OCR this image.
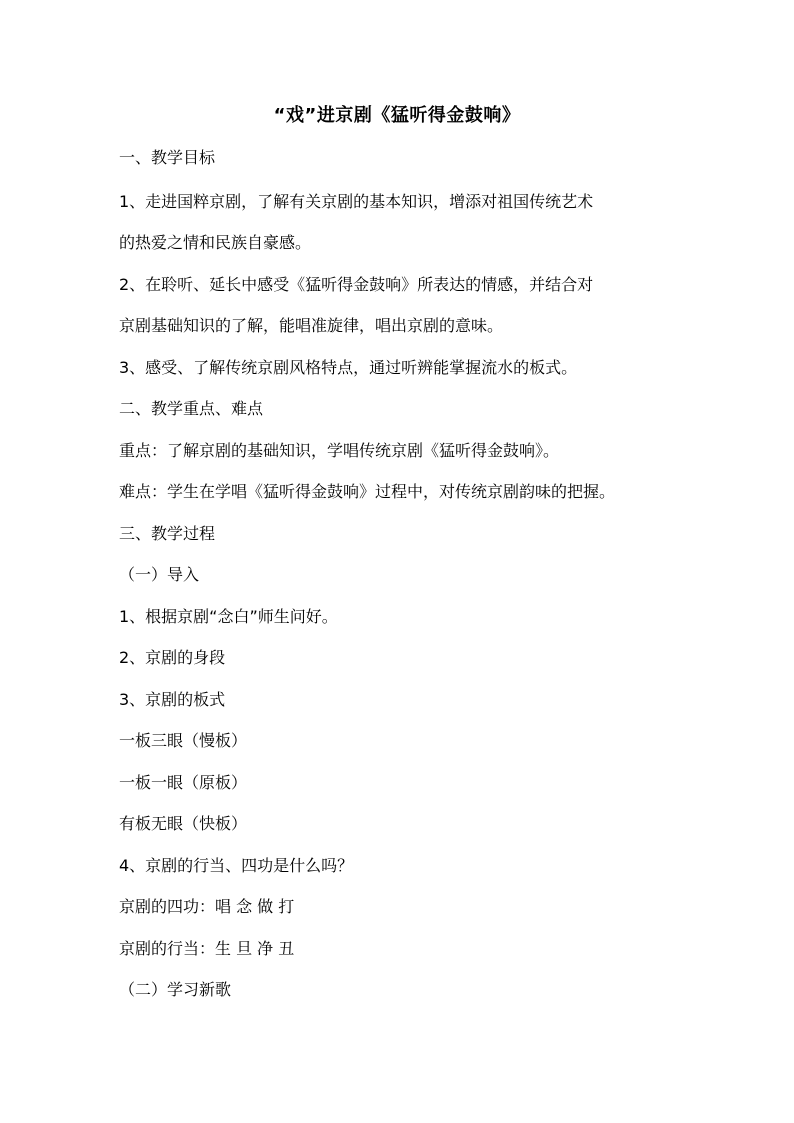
“戏”进京剧《猛听得金鼓响》
一、教学目标
1、走进国粹京剧，了解有关京剧的基本知识，增添对祖国传统艺术
的热爱之情和民族自豪感。
2、在聆听、延长中感受《猛听得金鼓响》所表达的情感，并结合对
京剧基础知识的了解，能唱准旋律，唱出京剧的意味。
3、感受、了解传统京剧风格特点，通过听辨能掌握流水的板式。
二、教学重点、难点
重点：了解京剧的基础知识，学唱传统京剧《猛听得金鼓响》。
难点：学生在学唱《猛听得金鼓响》过程中，对传统京剧韵味的把握。
三、教学过程
（一）导入
1、根据京剧“念白”师生问好。
2、京剧的身段
3、京剧的板式
一板三眼（慢板）
一板一眼（原板）
有板无眼（快板）
4、京剧的行当、四功是什么吗？
京剧的四功：唱 念 做 打
京剧的行当：生 旦 净 丑
（二）学习新歌
